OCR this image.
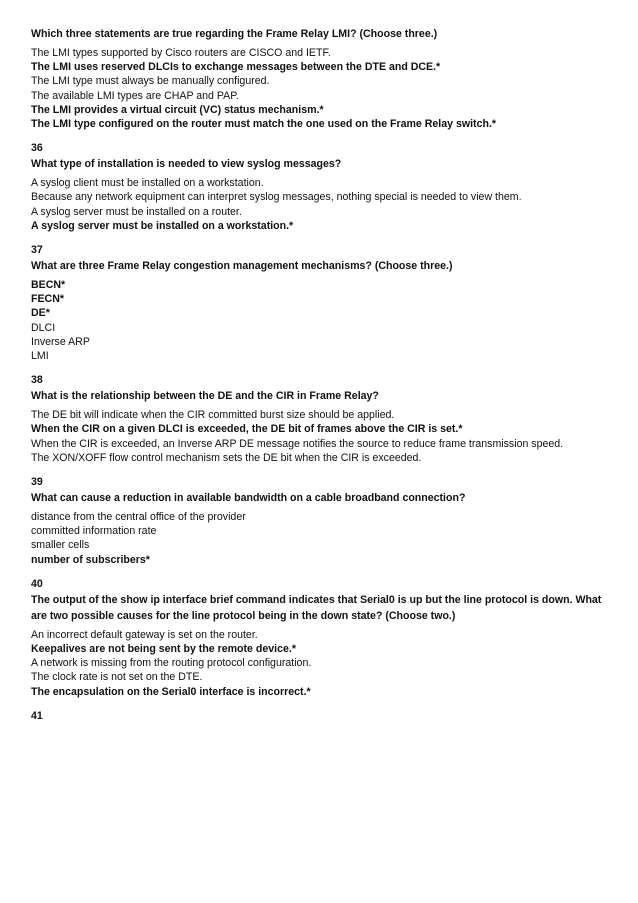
Which three statements are true regarding the Frame Relay LMI? (Choose three.)

The LMI types supported by Cisco routers are CISCO and IETF.
The LMI uses reserved DLCIs to exchange messages between the DTE and DCE.*
The LMI type must always be manually configured.
The available LMI types are CHAP and PAP.
The LMI provides a virtual circuit (VC) status mechanism.*
The LMI type configured on the router must match the one used on the Frame Relay switch.*

36

What type of installation is needed to view syslog messages?

A syslog client must be installed on a workstation.
Because any network equipment can interpret syslog messages, nothing special is needed to view them.
A syslog server must be installed on a router.
A syslog server must be installed on a workstation.*

37

What are three Frame Relay congestion management mechanisms? (Choose three.)

BECN*
FECN*
DE*
DLCI
Inverse ARP
LMI

38

What is the relationship between the DE and the CIR in Frame Relay?

The DE bit will indicate when the CIR committed burst size should be applied.
When the CIR on a given DLCI is exceeded, the DE bit of frames above the CIR is set.*
When the CIR is exceeded, an Inverse ARP DE message notifies the source to reduce frame transmission speed.
The XON/XOFF flow control mechanism sets the DE bit when the CIR is exceeded.

39

What can cause a reduction in available bandwidth on a cable broadband connection?

distance from the central office of the provider
committed information rate
smaller cells
number of subscribers*

40

The output of the show ip interface brief command indicates that Serial0 is up but the line protocol is down. What are two possible causes for the line protocol being in the down state? (Choose two.)

An incorrect default gateway is set on the router.
Keepalives are not being sent by the remote device.*
A network is missing from the routing protocol configuration.
The clock rate is not set on the DTE.
The encapsulation on the Serial0 interface is incorrect.*

41
